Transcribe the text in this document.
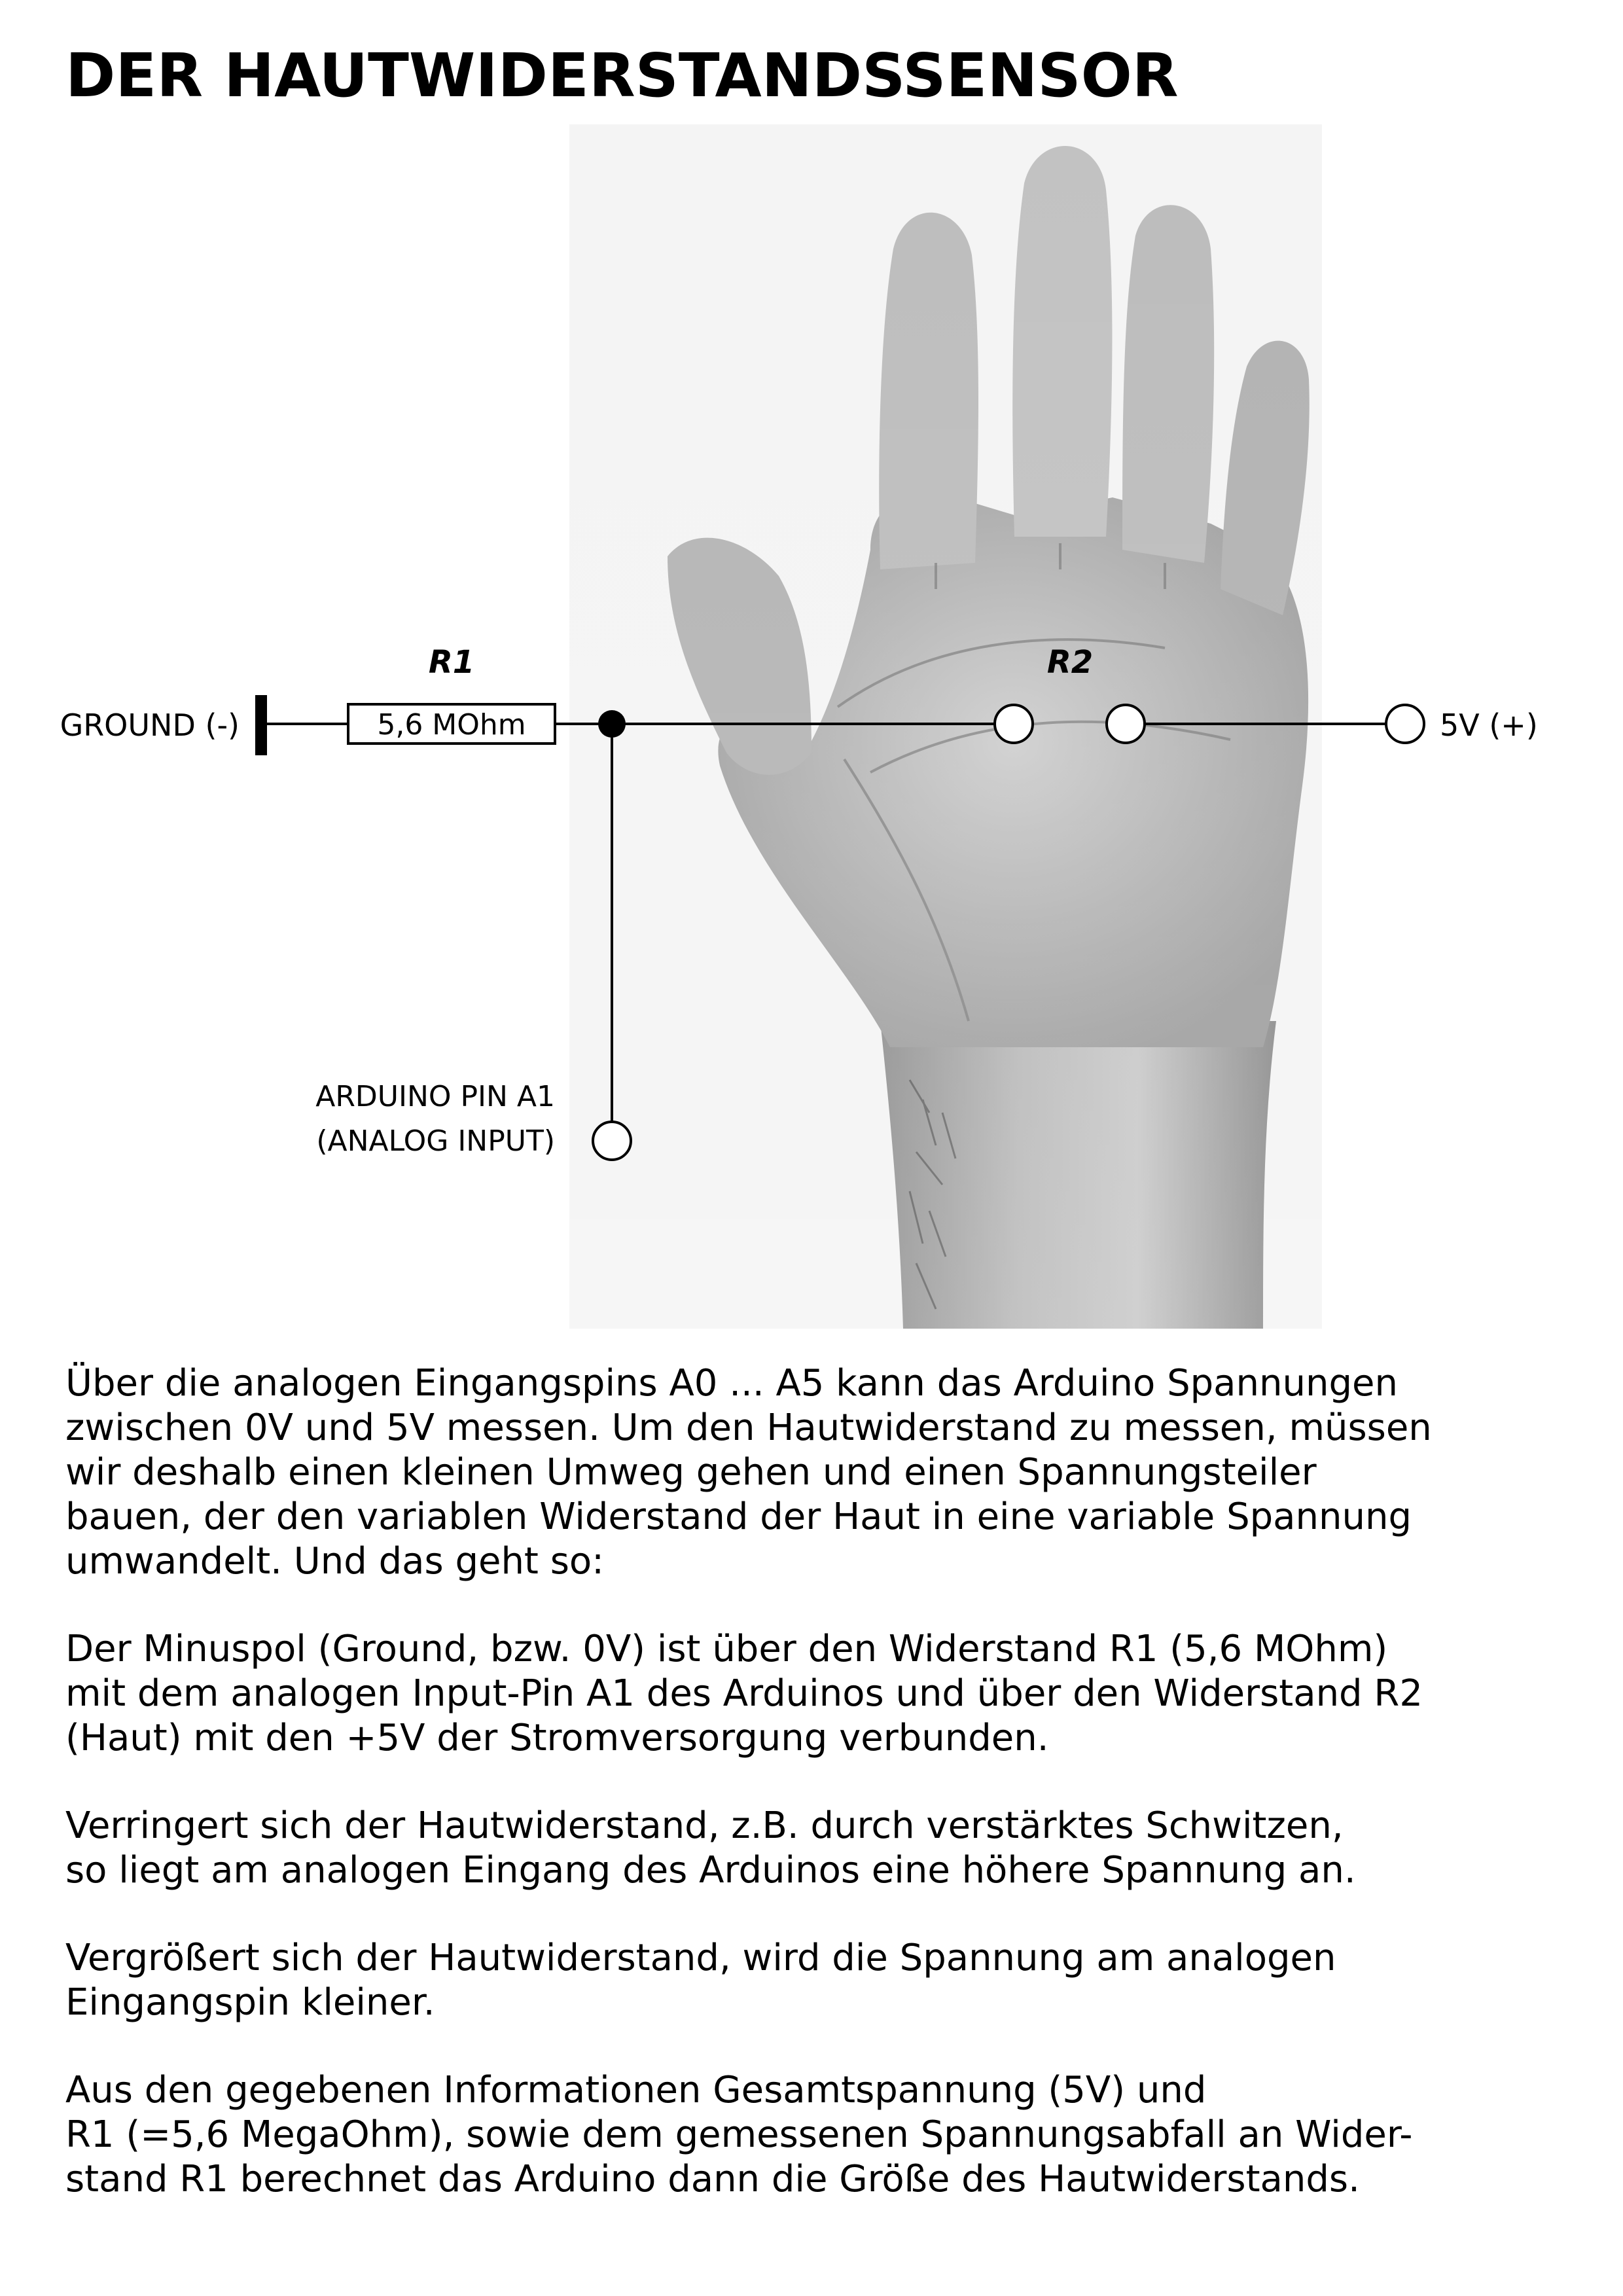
DER HAUTWIDERSTANDSSENSOR
GROUND (-)
R1
5,6 MOhm
R2
5V (+)
ARDUINO PIN A1
(ANALOG INPUT)

Über die analogen Eingangspins A0 ... A5 kann das Arduino Spannungen
zwischen 0V und 5V messen. Um den Hautwiderstand zu messen, müssen
wir deshalb einen kleinen Umweg gehen und einen Spannungsteiler
bauen, der den variablen Widerstand der Haut in eine variable Spannung
umwandelt. Und das geht so:

Der Minuspol (Ground, bzw. 0V) ist über den Widerstand R1 (5,6 MOhm)
mit dem analogen Input-Pin A1 des Arduinos und über den Widerstand R2
(Haut) mit den +5V der Stromversorgung verbunden.

Verringert sich der Hautwiderstand, z.B. durch verstärktes Schwitzen,
so liegt am analogen Eingang des Arduinos eine höhere Spannung an.

Vergrößert sich der Hautwiderstand, wird die Spannung am analogen
Eingangspin kleiner.

Aus den gegebenen Informationen Gesamtspannung (5V) und
R1 (=5,6 MegaOhm), sowie dem gemessenen Spannungsabfall an Wider-
stand R1 berechnet das Arduino dann die Größe des Hautwiderstands.
